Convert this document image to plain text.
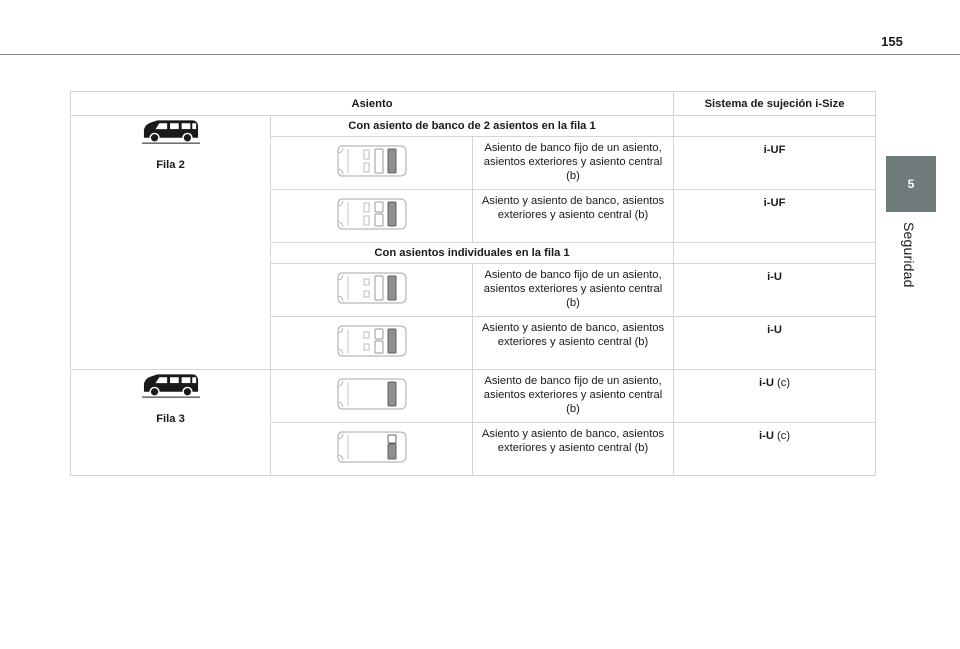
155
5
Seguridad
Asiento			Sistema de sujeción i-Size

Fila 2	Con asiento de banco de 2 asientos en la fila 1		
	Asiento de banco fijo de un asiento, asientos exteriores y asiento central (b)	i-UF
	Asiento y asiento de banco, asientos exteriores y asiento central (b)	i-UF
	Con asientos individuales en la fila 1		
	Asiento de banco fijo de un asiento, asientos exteriores y asiento central (b)	i-U
	Asiento y asiento de banco, asientos exteriores y asiento central (b)	i-U

Fila 3		Asiento de banco fijo de un asiento, asientos exteriores y asiento central (b)	i-U (c)
	Asiento y asiento de banco, asientos exteriores y asiento central (b)	i-U (c)
